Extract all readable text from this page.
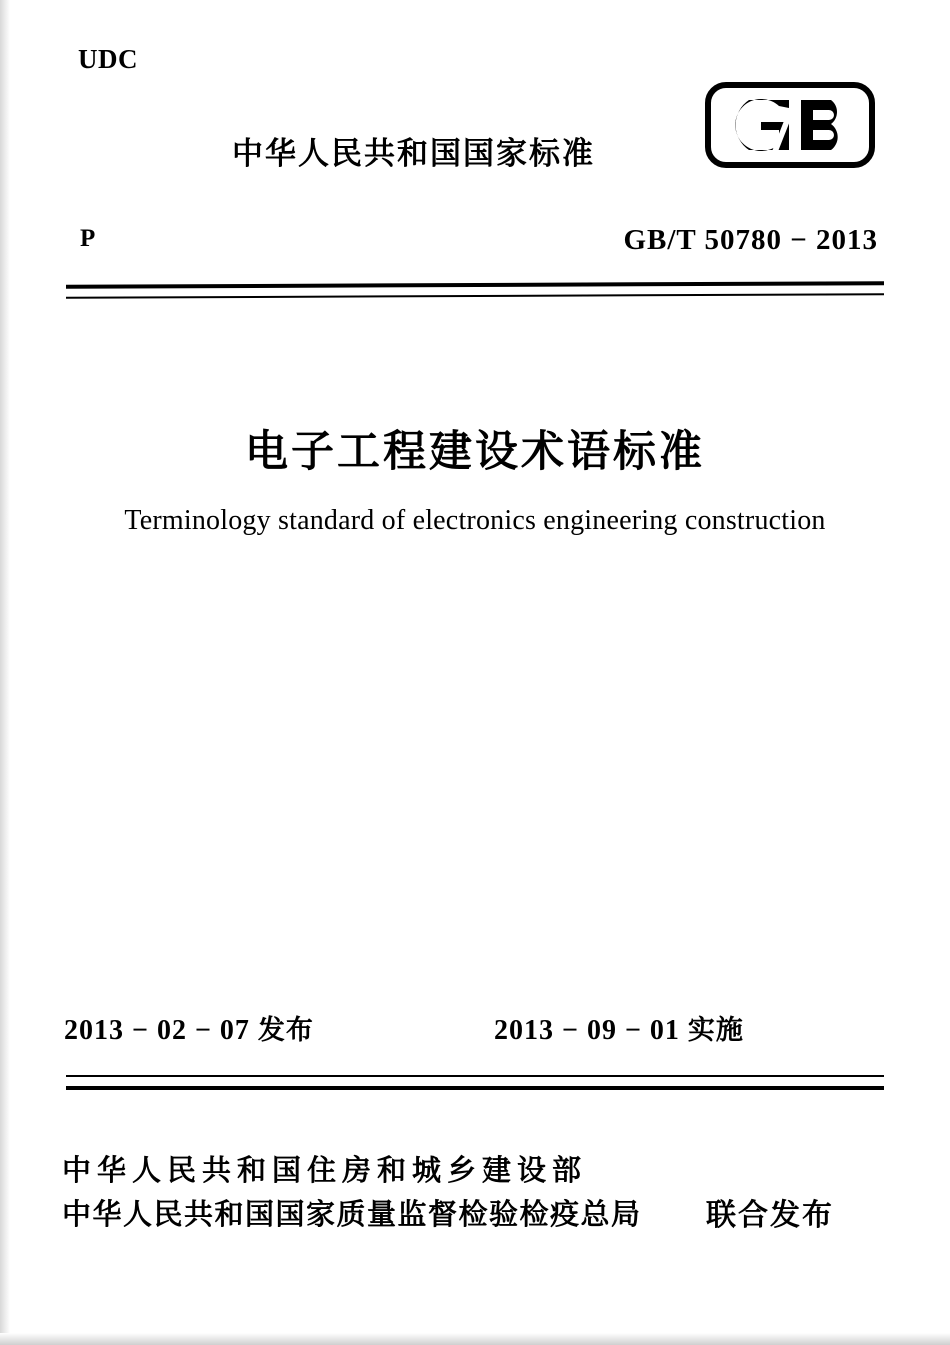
UDC
中华人民共和国国家标准
P	GB/T 50780 − 2013
电子工程建设术语标准
Terminology standard of electronics engineering construction
2013 − 02 − 07 发布	2013 − 09 − 01 实施
中华人民共和国住房和城乡建设部
中华人民共和国国家质量监督检验检疫总局	联合发布
